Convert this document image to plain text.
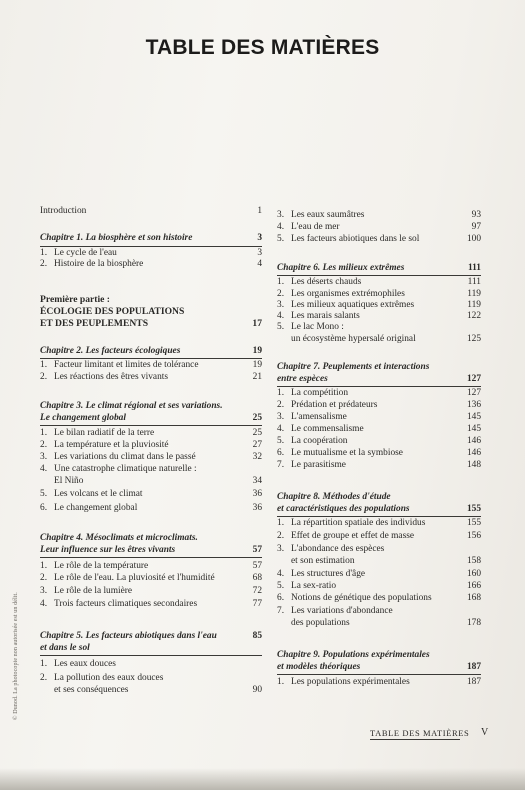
TABLE DES MATIÈRES
© Dunod. La photocopie non autorisée est un délit.
Introduction	1
Chapitre 1. La biosphère et son histoire	3
1. Le cycle de l'eau	3
2. Histoire de la biosphère	4
Première partie :
ÉCOLOGIE DES POPULATIONS
ET DES PEUPLEMENTS	17
Chapitre 2. Les facteurs écologiques	19
1. Facteur limitant et limites de tolérance	19
2. Les réactions des êtres vivants	21
Chapitre 3. Le climat régional et ses variations.
Le changement global	25
1. Le bilan radiatif de la terre	25
2. La température et la pluviosité	27
3. Les variations du climat dans le passé	32
4. Une catastrophe climatique naturelle :
El Niño	34
5. Les volcans et le climat	36
6. Le changement global	36
Chapitre 4. Mésoclimats et microclimats.
Leur influence sur les êtres vivants	57
1. Le rôle de la température	57
2. Le rôle de l'eau. La pluviosité et l'humidité	68
3. Le rôle de la lumière	72
4. Trois facteurs climatiques secondaires	77
Chapitre 5. Les facteurs abiotiques dans l'eau	85
et dans le sol
1. Les eaux douces
2. La pollution des eaux douces
et ses conséquences	90
3. Les eaux saumâtres	93
4. L'eau de mer	97
5. Les facteurs abiotiques dans le sol	100
Chapitre 6. Les milieux extrêmes	111
1. Les déserts chauds	111
2. Les organismes extrémophiles	119
3. Les milieux aquatiques extrêmes	119
4. Les marais salants	122
5. Le lac Mono :
un écosystème hypersalé original	125
Chapitre 7. Peuplements et interactions
entre espèces	127
1. La compétition	127
2. Prédation et prédateurs	136
3. L'amensalisme	145
4. Le commensalisme	145
5. La coopération	146
6. Le mutualisme et la symbiose	146
7. Le parasitisme	148
Chapitre 8. Méthodes d'étude
et caractéristiques des populations	155
1. La répartition spatiale des individus	155
2. Effet de groupe et effet de masse	156
3. L'abondance des espèces
et son estimation	158
4. Les structures d'âge	160
5. La sex-ratio	166
6. Notions de génétique des populations	168
7. Les variations d'abondance
des populations	178
Chapitre 9. Populations expérimentales
et modèles théoriques	187
1. Les populations expérimentales	187
TABLE DES MATIÈRES V
